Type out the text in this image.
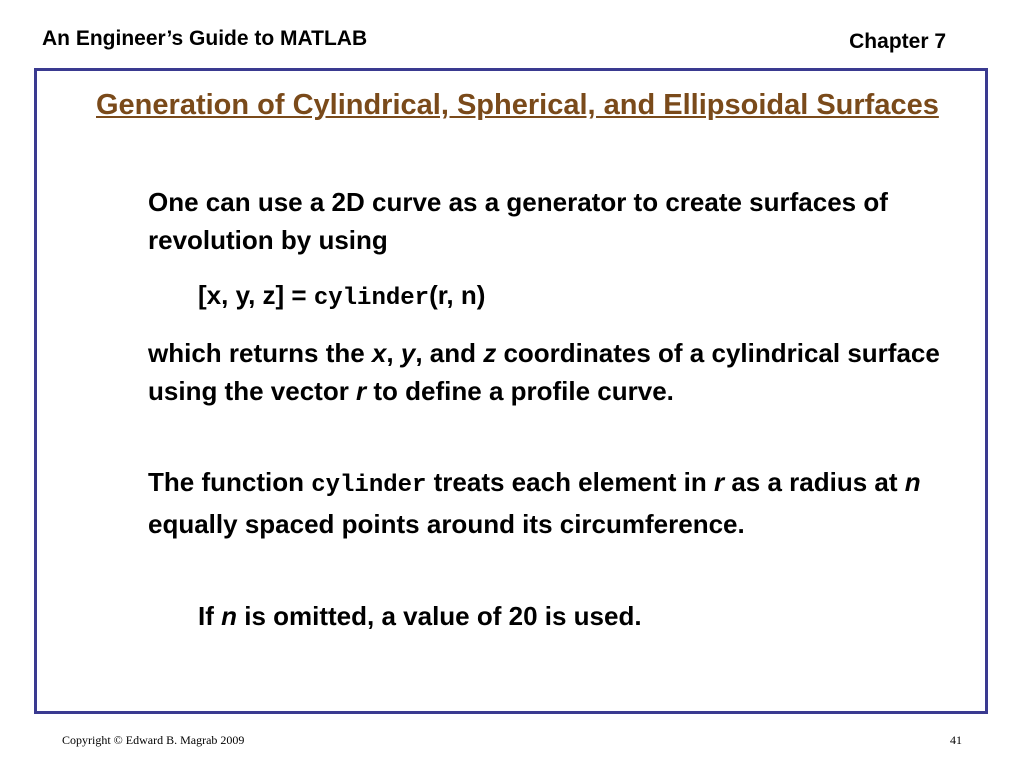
An Engineer’s Guide to MATLAB	Chapter 7
Generation of Cylindrical, Spherical, and Ellipsoidal Surfaces
One can use a 2D curve as a generator to create surfaces of revolution by using
[x, y, z] = cylinder(r, n)
which returns the x, y, and z coordinates of a cylindrical surface using the vector r to define a profile curve.
The function cylinder treats each element in r as a radius at n equally spaced points around its circumference.
If n is omitted, a value of 20 is used.
Copyright © Edward B. Magrab 2009	41
